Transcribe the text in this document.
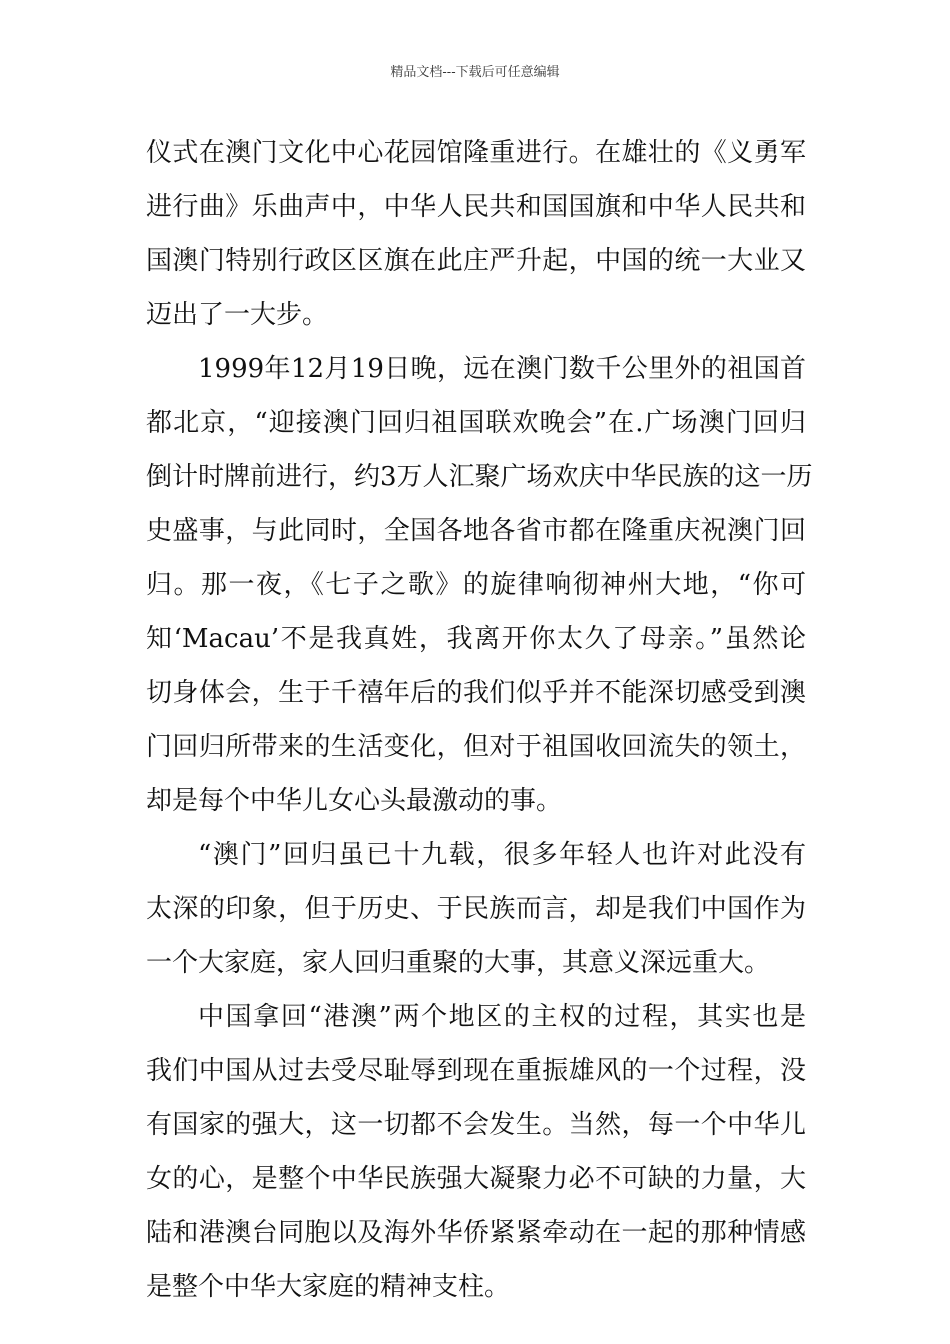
精品文档---下载后可任意编辑
仪式在澳门文化中心花园馆隆重进行。在雄壮的《义勇军
进行曲》乐曲声中，中华人民共和国国旗和中华人民共和
国澳门特别行政区区旗在此庄严升起，中国的统一大业又
迈出了一大步。
1999年12月19日晚，远在澳门数千公里外的祖国首
都北京，“迎接澳门回归祖国联欢晚会”在.广场澳门回归
倒计时牌前进行，约3万人汇聚广场欢庆中华民族的这一历
史盛事，与此同时，全国各地各省市都在隆重庆祝澳门回
归。那一夜，《七子之歌》的旋律响彻神州大地，“你可
知‘Macau’不是我真姓，我离开你太久了母亲。”虽然论
切身体会，生于千禧年后的我们似乎并不能深切感受到澳
门回归所带来的生活变化，但对于祖国收回流失的领土，
却是每个中华儿女心头最激动的事。
“澳门”回归虽已十九载，很多年轻人也许对此没有
太深的印象，但于历史、于民族而言，却是我们中国作为
一个大家庭，家人回归重聚的大事，其意义深远重大。
中国拿回“港澳”两个地区的主权的过程，其实也是
我们中国从过去受尽耻辱到现在重振雄风的一个过程，没
有国家的强大，这一切都不会发生。当然，每一个中华儿
女的心，是整个中华民族强大凝聚力必不可缺的力量，大
陆和港澳台同胞以及海外华侨紧紧牵动在一起的那种情感
是整个中华大家庭的精神支柱。
